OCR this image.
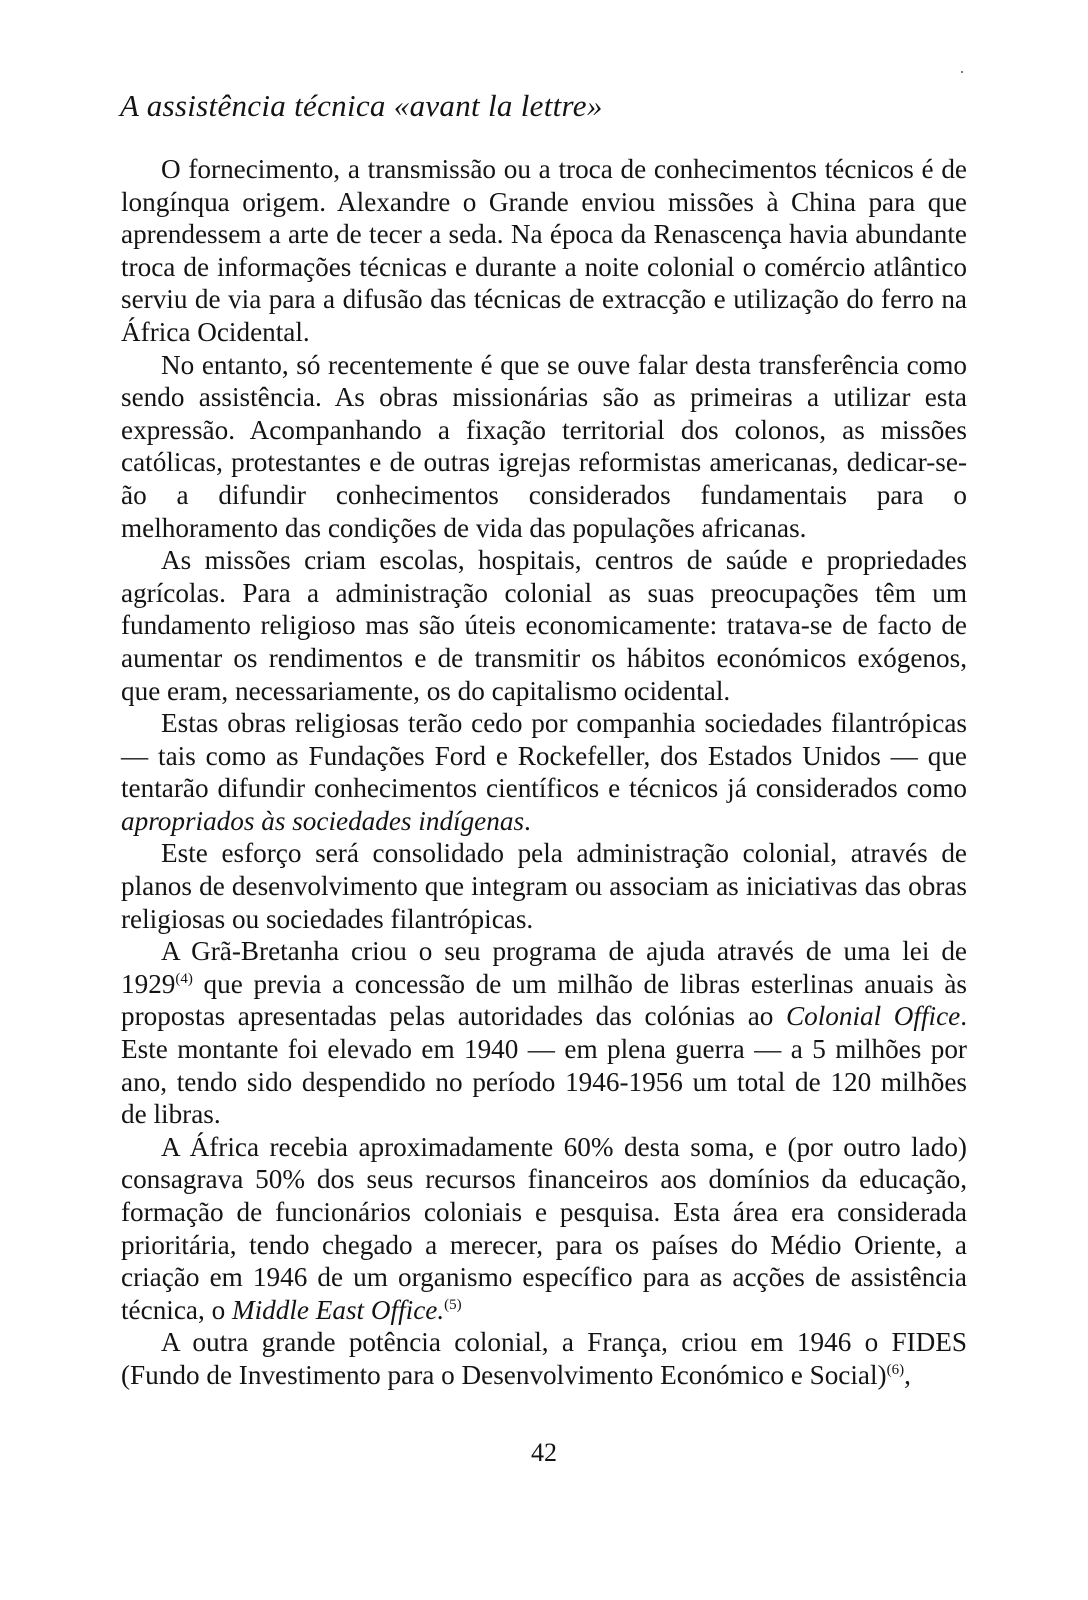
A assistência técnica «avant la lettre»

O fornecimento, a transmissão ou a troca de conhecimentos técnicos é de longínqua origem. Alexandre o Grande enviou missões à China para que aprendessem a arte de tecer a seda. Na época da Renascença havia abundante troca de informações técnicas e durante a noite colonial o comércio atlântico serviu de via para a difusão das técnicas de extracção e utilização do ferro na África Ocidental.

No entanto, só recentemente é que se ouve falar desta transferência como sendo assistência. As obras missionárias são as primeiras a utilizar esta expressão. Acompanhando a fixação territorial dos colonos, as missões católicas, protestantes e de outras igrejas reformistas americanas, dedicar-se-ão a difundir conhecimentos considerados fundamentais para o melhoramento das condições de vida das populações africanas.

As missões criam escolas, hospitais, centros de saúde e propriedades agrícolas. Para a administração colonial as suas preocupações têm um fundamento religioso mas são úteis economicamente: tratava-se de facto de aumentar os rendimentos e de transmitir os hábitos económicos exógenos, que eram, necessariamente, os do capitalismo ocidental.

Estas obras religiosas terão cedo por companhia sociedades filantrópicas — tais como as Fundações Ford e Rockefeller, dos Estados Unidos — que tentarão difundir conhecimentos científicos e técnicos já considerados como apropriados às sociedades indígenas.

Este esforço será consolidado pela administração colonial, através de planos de desenvolvimento que integram ou associam as iniciativas das obras religiosas ou sociedades filantrópicas.

A Grã-Bretanha criou o seu programa de ajuda através de uma lei de 1929$^{(4)}$ que previa a concessão de um milhão de libras esterlinas anuais às propostas apresentadas pelas autoridades das colónias ao Colonial Office. Este montante foi elevado em 1940 — em plena guerra — a 5 milhões por ano, tendo sido despendido no período 1946-1956 um total de 120 milhões de libras.

A África recebia aproximadamente 60% desta soma, e (por outro lado) consagrava 50% dos seus recursos financeiros aos domínios da educação, formação de funcionários coloniais e pesquisa. Esta área era considerada prioritária, tendo chegado a merecer, para os países do Médio Oriente, a criação em 1946 de um organismo específico para as acções de assistência técnica, o Middle East Office.$^{(5)}$

A outra grande potência colonial, a França, criou em 1946 o FIDES (Fundo de Investimento para o Desenvolvimento Económico e Social)$^{(6)}$,

42
